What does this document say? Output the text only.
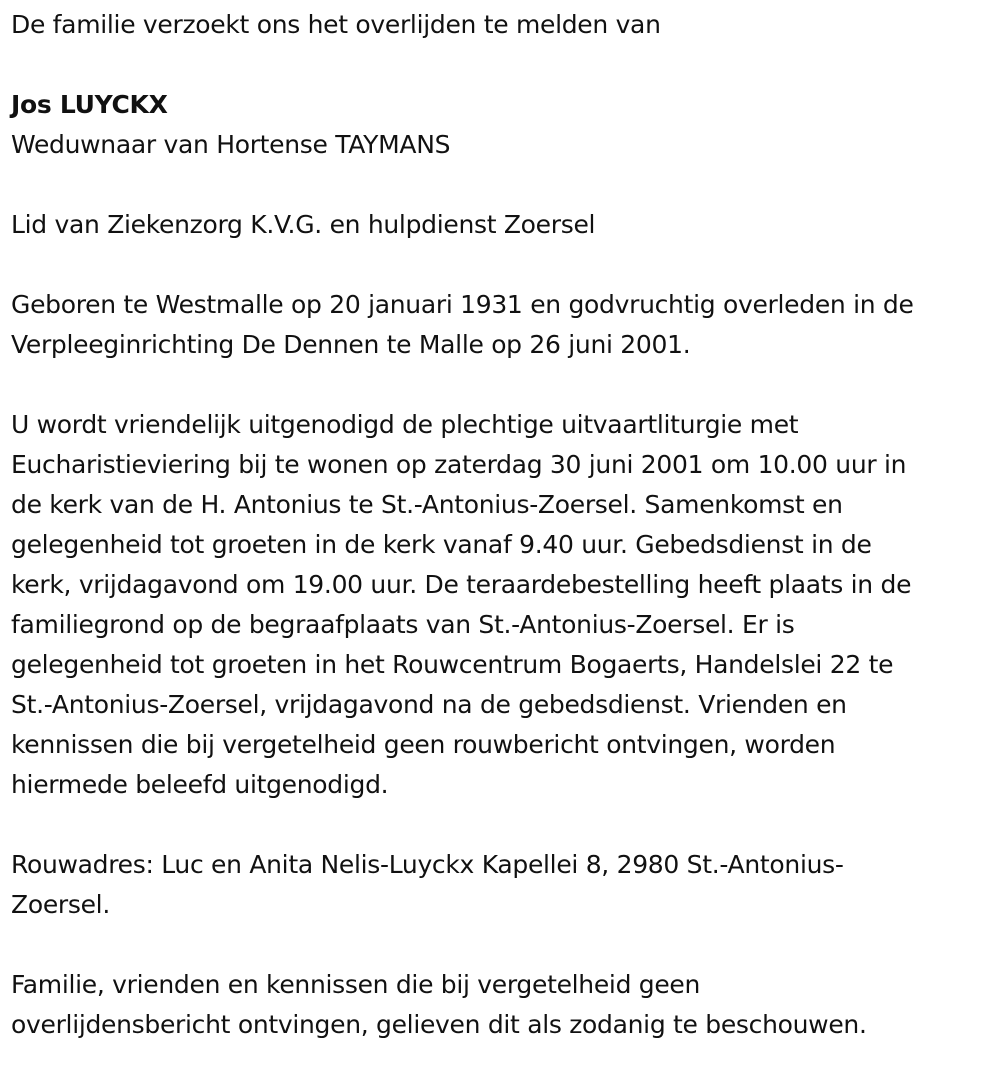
De familie verzoekt ons het overlijden te melden van
Jos LUYCKX
Weduwnaar van Hortense TAYMANS
Lid van Ziekenzorg K.V.G. en hulpdienst Zoersel
Geboren te Westmalle op 20 januari 1931 en godvruchtig overleden in de
Verpleeginrichting De Dennen te Malle op 26 juni 2001.
U wordt vriendelijk uitgenodigd de plechtige uitvaartliturgie met
Eucharistieviering bij te wonen op zaterdag 30 juni 2001 om 10.00 uur in
de kerk van de H. Antonius te St.-Antonius-Zoersel. Samenkomst en
gelegenheid tot groeten in de kerk vanaf 9.40 uur. Gebedsdienst in de
kerk, vrijdagavond om 19.00 uur. De teraardebestelling heeft plaats in de
familiegrond op de begraafplaats van St.-Antonius-Zoersel. Er is
gelegenheid tot groeten in het Rouwcentrum Bogaerts, Handelslei 22 te
St.-Antonius-Zoersel, vrijdagavond na de gebedsdienst. Vrienden en
kennissen die bij vergetelheid geen rouwbericht ontvingen, worden
hiermede beleefd uitgenodigd.
Rouwadres: Luc en Anita Nelis-Luyckx Kapellei 8, 2980 St.-Antonius-
Zoersel.
Familie, vrienden en kennissen die bij vergetelheid geen
overlijdensbericht ontvingen, gelieven dit als zodanig te beschouwen.
